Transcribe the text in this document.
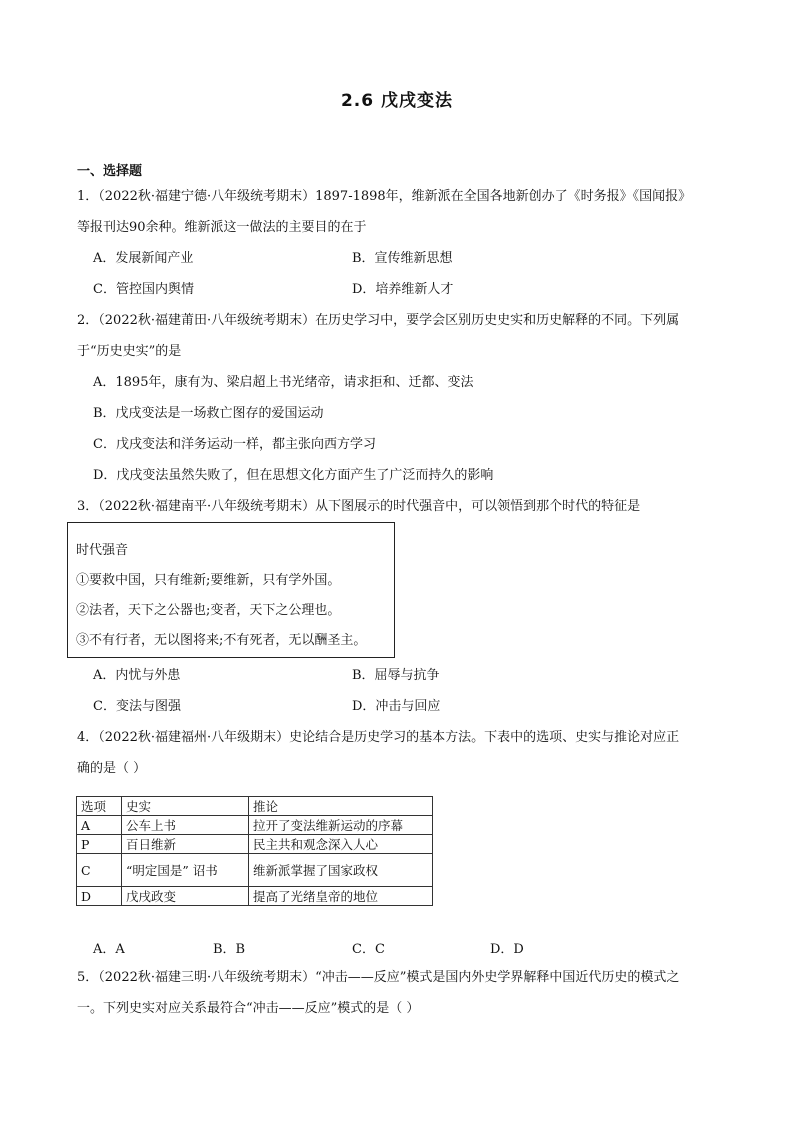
2.6 戊戌变法
一、选择题
1．（2022秋·福建宁德·八年级统考期末）1897-1898年，维新派在全国各地新创办了《时务报》《国闻报》
等报刊达90余种。维新派这一做法的主要目的在于
A．发展新闻产业	B．宣传维新思想
C．管控国内舆情	D．培养维新人才
2．（2022秋·福建莆田·八年级统考期末）在历史学习中，要学会区别历史史实和历史解释的不同。下列属
于“历史史实”的是
A．1895年，康有为、梁启超上书光绪帝，请求拒和、迁都、变法
B．戊戌变法是一场救亡图存的爱国运动
C．戊戌变法和洋务运动一样，都主张向西方学习
D．戊戌变法虽然失败了，但在思想文化方面产生了广泛而持久的影响
3．（2022秋·福建南平·八年级统考期末）从下图展示的时代强音中，可以领悟到那个时代的特征是
时代强音
①要救中国，只有维新;要维新，只有学外国。
②法者，天下之公器也;变者，天下之公理也。
③不有行者，无以图将来;不有死者，无以酬圣主。
A．内忧与外患	B．屈辱与抗争
C．变法与图强	D．冲击与回应
4．（2022秋·福建福州·八年级期末）史论结合是历史学习的基本方法。下表中的选项、史实与推论对应正
确的是（ ）
选项	史实	推论
A	公车上书	拉开了变法维新运动的序幕
P	百日维新	民主共和观念深入人心
C	“明定国是” 诏书	维新派掌握了国家政权
D	戊戌政变	提高了光绪皇帝的地位
A．A	B．B	C．C	D．D
5．（2022秋·福建三明·八年级统考期末）“冲击——反应”模式是国内外史学界解释中国近代历史的模式之
一。下列史实对应关系最符合“冲击——反应”模式的是（ ）
